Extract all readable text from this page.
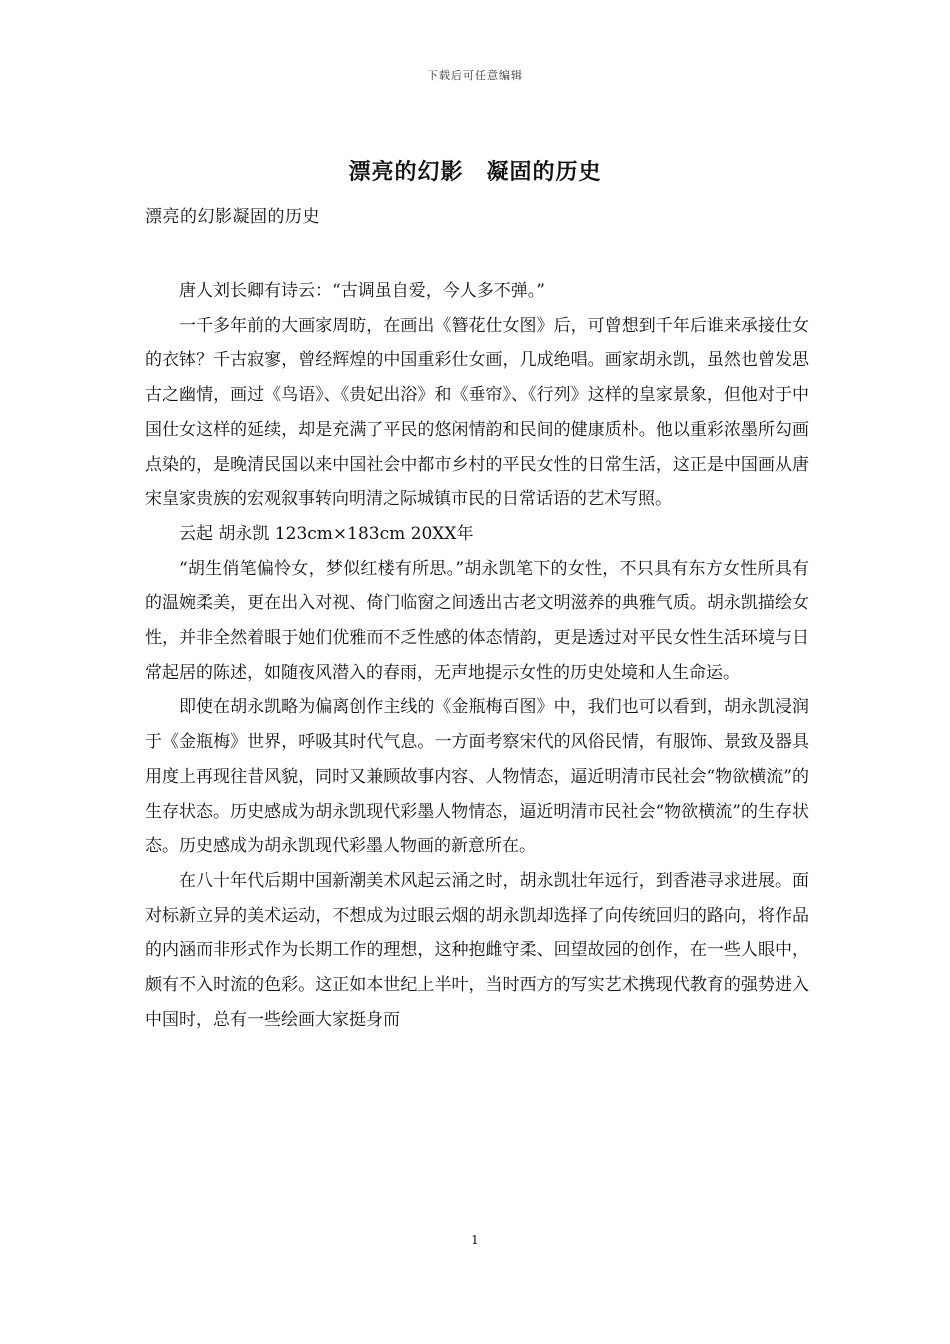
下载后可任意编辑
漂亮的幻影　凝固的历史
漂亮的幻影凝固的历史

唐人刘长卿有诗云：“古调虽自爱，今人多不弹。”

一千多年前的大画家周昉，在画出《簪花仕女图》后，可曾想到千年后谁来承接仕女的衣钵？千古寂寥，曾经辉煌的中国重彩仕女画，几成绝唱。画家胡永凯，虽然也曾发思古之幽情，画过《鸟语》、《贵妃出浴》和《垂帘》、《行列》这样的皇家景象，但他对于中国仕女这样的延续，却是充满了平民的悠闲情韵和民间的健康质朴。他以重彩浓墨所勾画点染的，是晚清民国以来中国社会中都市乡村的平民女性的日常生活，这正是中国画从唐宋皇家贵族的宏观叙事转向明清之际城镇市民的日常话语的艺术写照。

云起 胡永凯 123cm×183cm 20XX年

“胡生俏笔偏怜女，梦似红楼有所思。”胡永凯笔下的女性，不只具有东方女性所具有的温婉柔美，更在出入对视、倚门临窗之间透出古老文明滋养的典雅气质。胡永凯描绘女性，并非全然着眼于她们优雅而不乏性感的体态情韵，更是透过对平民女性生活环境与日常起居的陈述，如随夜风潜入的春雨，无声地提示女性的历史处境和人生命运。

即使在胡永凯略为偏离创作主线的《金瓶梅百图》中，我们也可以看到，胡永凯浸润于《金瓶梅》世界，呼吸其时代气息。一方面考察宋代的风俗民情，有服饰、景致及器具用度上再现往昔风貌，同时又兼顾故事内容、人物情态，逼近明清市民社会“物欲横流”的生存状态。历史感成为胡永凯现代彩墨人物情态，逼近明清市民社会“物欲横流”的生存状态。历史感成为胡永凯现代彩墨人物画的新意所在。

在八十年代后期中国新潮美术风起云涌之时，胡永凯壮年远行，到香港寻求进展。面对标新立异的美术运动，不想成为过眼云烟的胡永凯却选择了向传统回归的路向，将作品的内涵而非形式作为长期工作的理想，这种抱雌守柔、回望故园的创作，在一些人眼中，颇有不入时流的色彩。这正如本世纪上半叶，当时西方的写实艺术携现代教育的强势进入中国时，总有一些绘画大家挺身而

1
